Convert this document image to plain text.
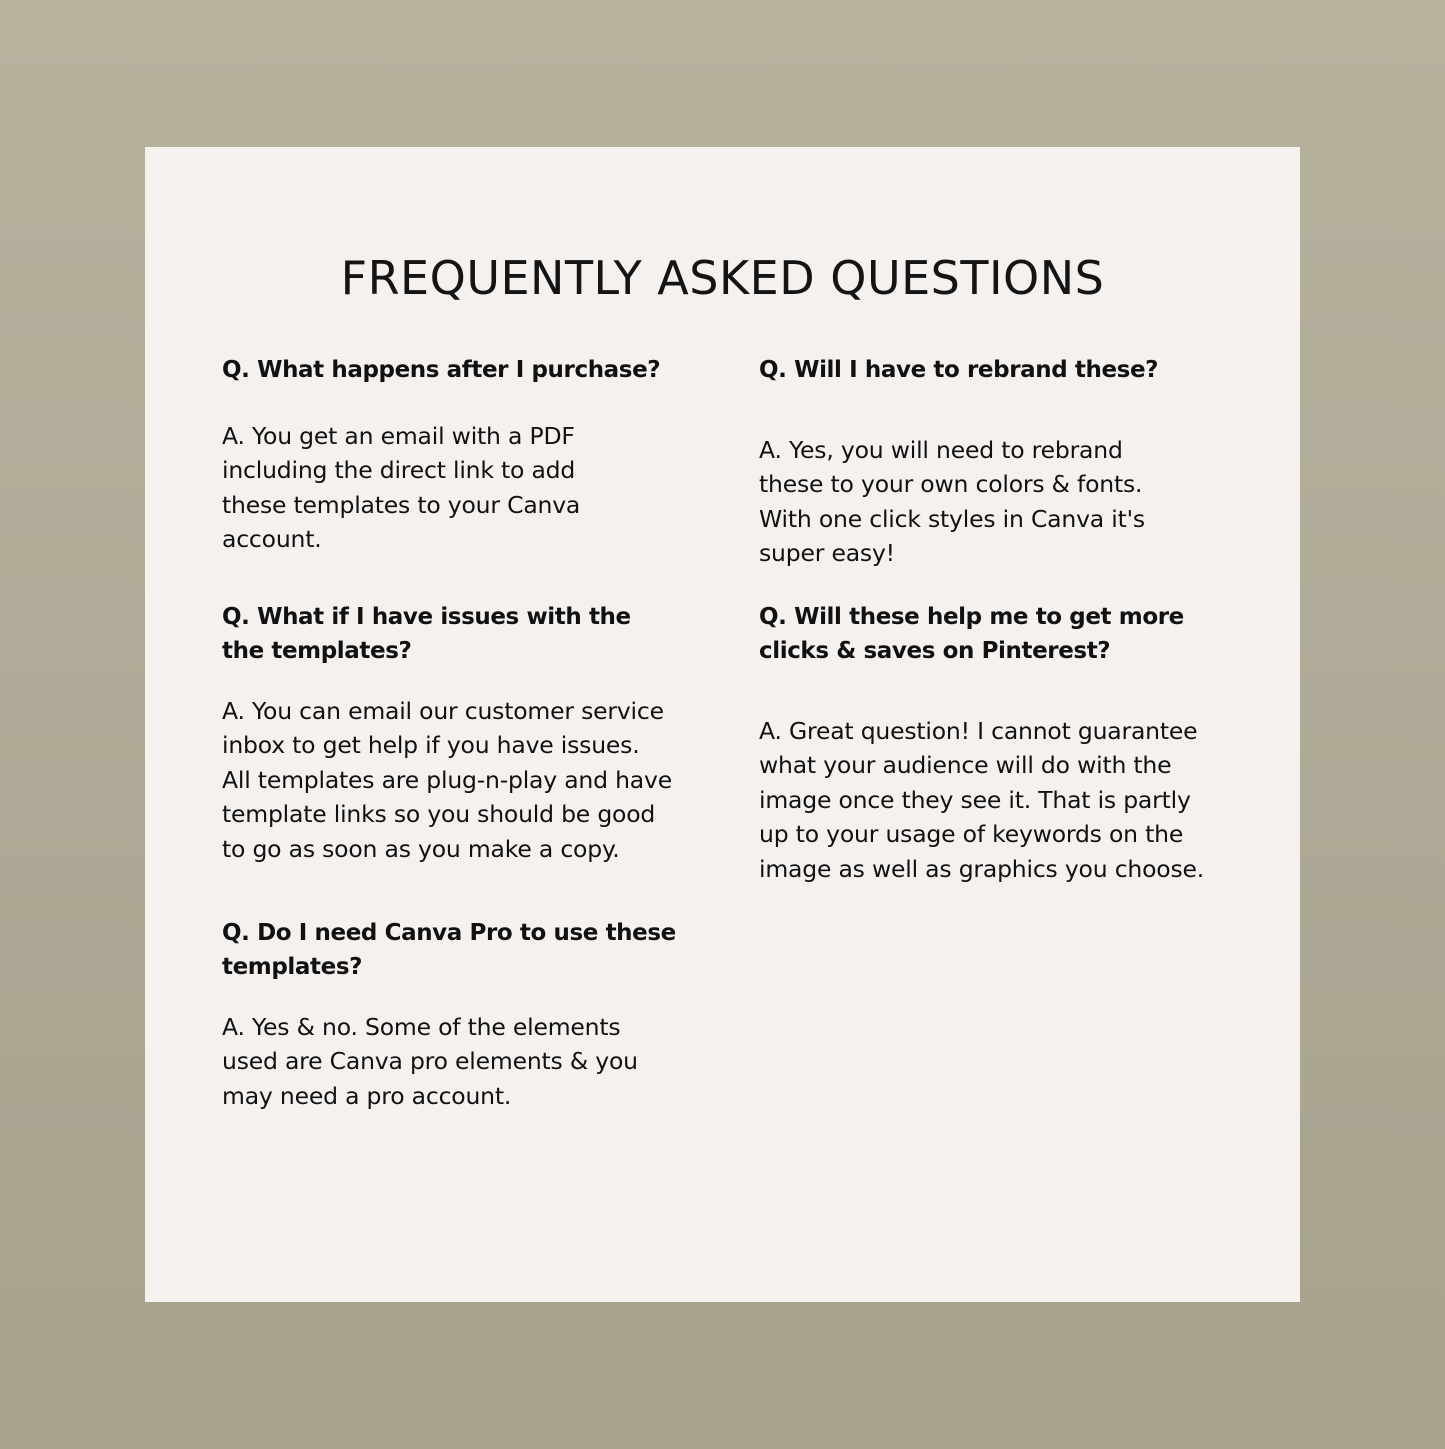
FREQUENTLY ASKED QUESTIONS

Q. What happens after I purchase?

A. You get an email with a PDF including the direct link to add these templates to your Canva account.

Q. What if I have issues with the the templates?

A. You can email our customer service inbox to get help if you have issues. All templates are plug-n-play and have template links so you should be good to go as soon as you make a copy.

Q. Do I need Canva Pro to use these templates?

A. Yes & no. Some of the elements used are Canva pro elements & you may need a pro account.

Q. Will I have to rebrand these?

A. Yes, you will need to rebrand these to your own colors & fonts. With one click styles in Canva it's super easy!

Q. Will these help me to get more clicks & saves on Pinterest?

A. Great question! I cannot guarantee what your audience will do with the image once they see it. That is partly up to your usage of keywords on the image as well as graphics you choose.
